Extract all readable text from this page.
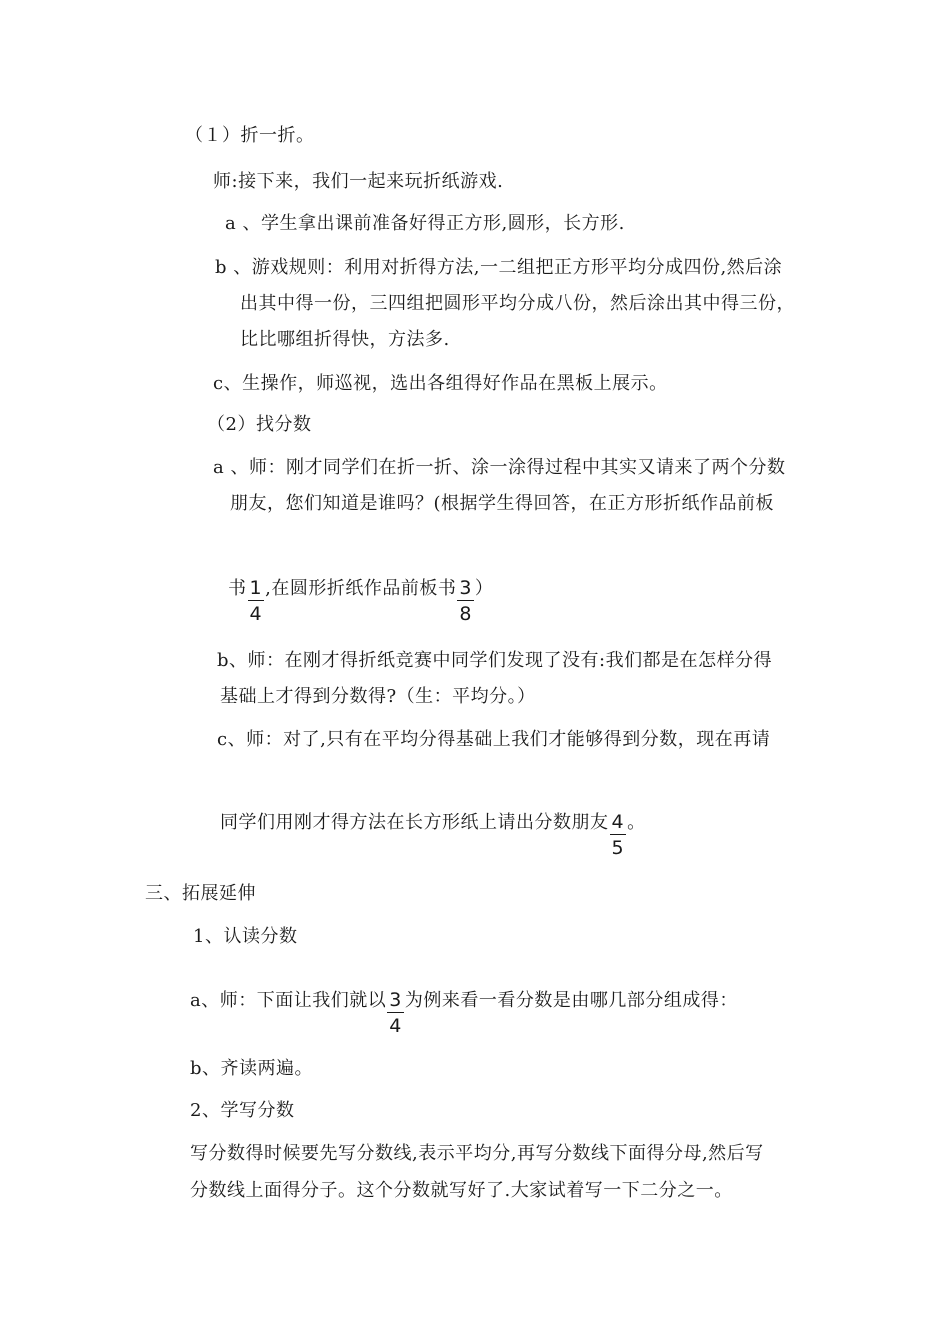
（１）折一折。
师:接下来，我们一起来玩折纸游戏.
a 、学生拿出课前准备好得正方形,圆形，长方形.
b 、游戏规则：利用对折得方法,一二组把正方形平均分成四份,然后涂
出其中得一份，三四组把圆形平均分成八份，然后涂出其中得三份，
比比哪组折得快，方法多.
c、生操作，师巡视，选出各组得好作品在黑板上展示。
（2）找分数
a 、师：刚才同学们在折一折、涂一涂得过程中其实又请来了两个分数
朋友，您们知道是谁吗？(根据学生得回答，在正方形折纸作品前板
书 $\frac{1}{4}$ ,在圆形折纸作品前板书 $\frac{3}{8}$ ）
b、师：在刚才得折纸竞赛中同学们发现了没有:我们都是在怎样分得
基础上才得到分数得?（生：平均分。）
c、师：对了,只有在平均分得基础上我们才能够得到分数，现在再请
同学们用刚才得方法在长方形纸上请出分数朋友 $\frac{4}{5}$ 。
三、拓展延伸
1、认读分数
a、师：下面让我们就以 $\frac{3}{4}$ 为例来看一看分数是由哪几部分组成得：
b、齐读两遍。
2、学写分数
写分数得时候要先写分数线,表示平均分,再写分数线下面得分母,然后写
分数线上面得分子。这个分数就写好了.大家试着写一下二分之一。
